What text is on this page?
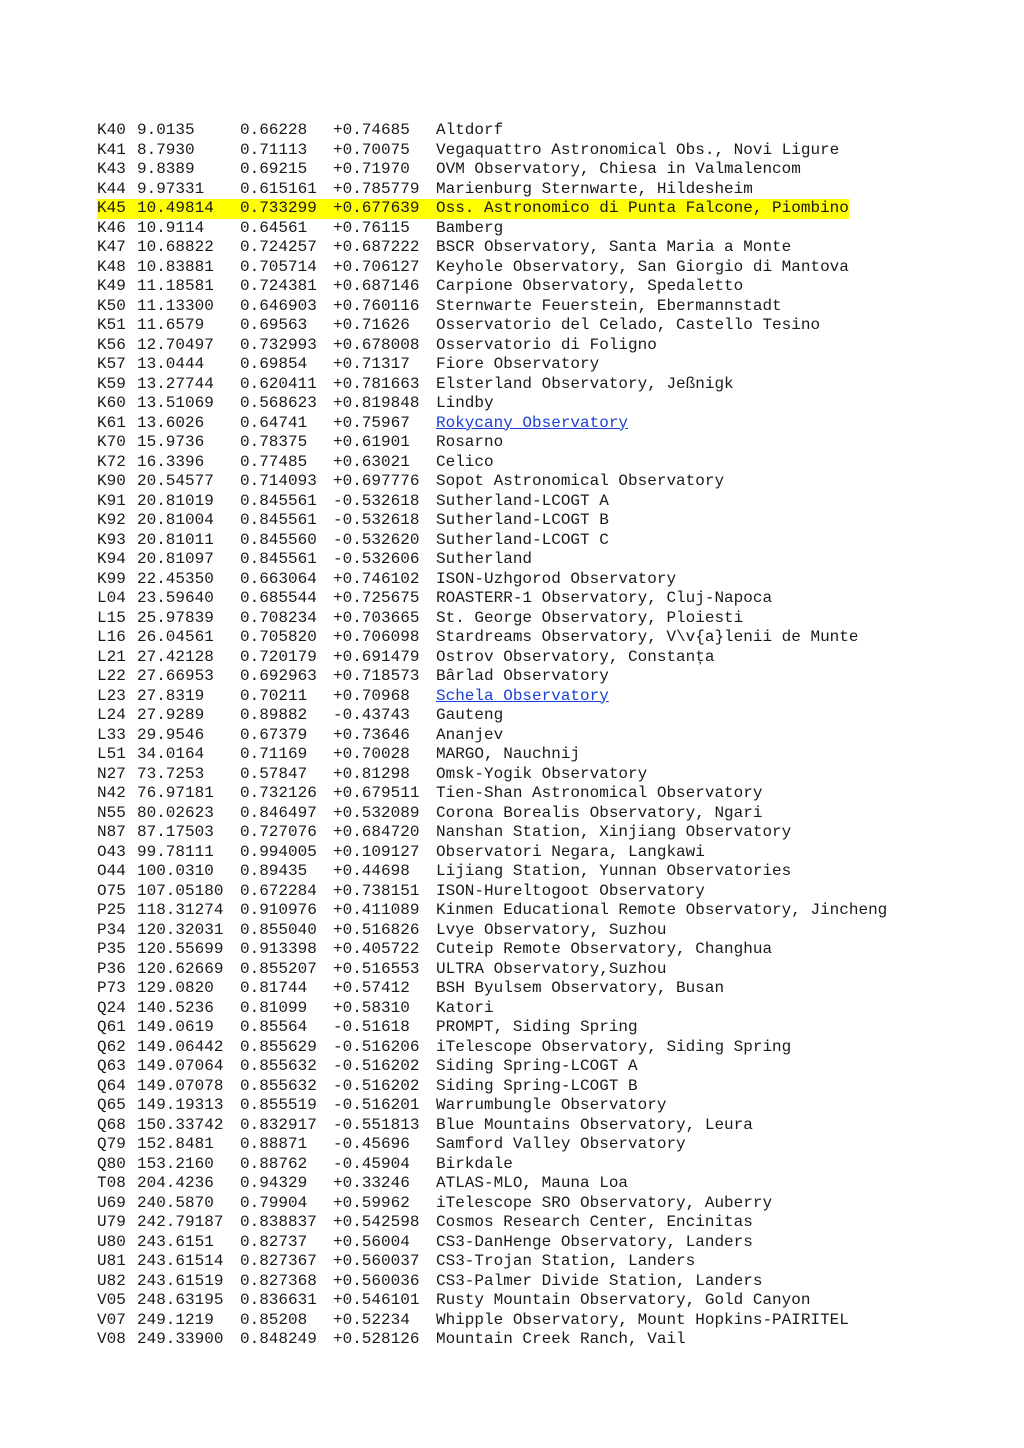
K40 9.0135	0.66228 +0.74685 Altdorf
K41 8.7930	0.71113 +0.70075 Vegaquattro Astronomical Obs., Novi Ligure
K43 9.8389	0.69215 +0.71970 OVM Observatory, Chiesa in Valmalencom
K44 9.97331 0.615161 +0.785779 Marienburg Sternwarte, Hildesheim
K45 10.49814 0.733299 +0.677639 Oss. Astronomico di Punta Falcone, Piombino
K46 10.9114 0.64561 +0.76115 Bamberg
K47 10.68822 0.724257 +0.687222 BSCR Observatory, Santa Maria a Monte
K48 10.83881 0.705714 +0.706127 Keyhole Observatory, San Giorgio di Mantova
K49 11.18581 0.724381 +0.687146 Carpione Observatory, Spedaletto
K50 11.13300 0.646903 +0.760116 Sternwarte Feuerstein, Ebermannstadt
K51 11.6579 0.69563 +0.71626 Osservatorio del Celado, Castello Tesino
K56 12.70497 0.732993 +0.678008 Osservatorio di Foligno
K57 13.0444 0.69854 +0.71317 Fiore Observatory
K59 13.27744 0.620411 +0.781663 Elsterland Observatory, Jeßnigk
K60 13.51069 0.568623 +0.819848 Lindby
K61 13.6026 0.64741 +0.75967 Rokycany Observatory
K70 15.9736 0.78375 +0.61901 Rosarno
K72 16.3396 0.77485 +0.63021 Celico
K90 20.54577 0.714093 +0.697776 Sopot Astronomical Observatory
K91 20.81019 0.845561 -0.532618 Sutherland-LCOGT A
K92 20.81004 0.845561 -0.532618 Sutherland-LCOGT B
K93 20.81011 0.845560 -0.532620 Sutherland-LCOGT C
K94 20.81097 0.845561 -0.532606 Sutherland
K99 22.45350 0.663064 +0.746102 ISON-Uzhgorod Observatory
L04 23.59640 0.685544 +0.725675 ROASTERR-1 Observatory, Cluj-Napoca
L15 25.97839 0.708234 +0.703665 St. George Observatory, Ploiesti
L16 26.04561 0.705820 +0.706098 Stardreams Observatory, V\v{a}lenii de Munte
L21 27.42128 0.720179 +0.691479 Ostrov Observatory, Constanța
L22 27.66953 0.692963 +0.718573 Bârlad Observatory
L23 27.8319 0.70211 +0.70968 Schela Observatory
L24 27.9289 0.89882 -0.43743 Gauteng
L33 29.9546 0.67379 +0.73646 Ananjev
L51 34.0164 0.71169 +0.70028 MARGO, Nauchnij
N27 73.7253 0.57847 +0.81298 Omsk-Yogik Observatory
N42 76.97181 0.732126 +0.679511 Tien-Shan Astronomical Observatory
N55 80.02623 0.846497 +0.532089 Corona Borealis Observatory, Ngari
N87 87.17503 0.727076 +0.684720 Nanshan Station, Xinjiang Observatory
O43 99.78111 0.994005 +0.109127 Observatori Negara, Langkawi
O44 100.0310 0.89435 +0.44698 Lijiang Station, Yunnan Observatories
O75 107.05180 0.672284 +0.738151 ISON-Hureltogoot Observatory
P25 118.31274 0.910976 +0.411089 Kinmen Educational Remote Observatory, Jincheng
P34 120.32031 0.855040 +0.516826 Lvye Observatory, Suzhou
P35 120.55699 0.913398 +0.405722 Cuteip Remote Observatory, Changhua
P36 120.62669 0.855207 +0.516553 ULTRA Observatory,Suzhou
P73 129.0820 0.81744 +0.57412 BSH Byulsem Observatory, Busan
Q24 140.5236 0.81099 +0.58310 Katori
Q61 149.0619 0.85564 -0.51618 PROMPT, Siding Spring
Q62 149.06442 0.855629 -0.516206 iTelescope Observatory, Siding Spring
Q63 149.07064 0.855632 -0.516202 Siding Spring-LCOGT A
Q64 149.07078 0.855632 -0.516202 Siding Spring-LCOGT B
Q65 149.19313 0.855519 -0.516201 Warrumbungle Observatory
Q68 150.33742 0.832917 -0.551813 Blue Mountains Observatory, Leura
Q79 152.8481 0.88871 -0.45696 Samford Valley Observatory
Q80 153.2160 0.88762 -0.45904 Birkdale
T08 204.4236 0.94329 +0.33246 ATLAS-MLO, Mauna Loa
U69 240.5870 0.79904 +0.59962 iTelescope SRO Observatory, Auberry
U79 242.79187 0.838837 +0.542598 Cosmos Research Center, Encinitas
U80 243.6151 0.82737 +0.56004 CS3-DanHenge Observatory, Landers
U81 243.61514 0.827367 +0.560037 CS3-Trojan Station, Landers
U82 243.61519 0.827368 +0.560036 CS3-Palmer Divide Station, Landers
V05 248.63195 0.836631 +0.546101 Rusty Mountain Observatory, Gold Canyon
V07 249.1219 0.85208 +0.52234 Whipple Observatory, Mount Hopkins-PAIRITEL
V08 249.33900 0.848249 +0.528126 Mountain Creek Ranch, Vail
